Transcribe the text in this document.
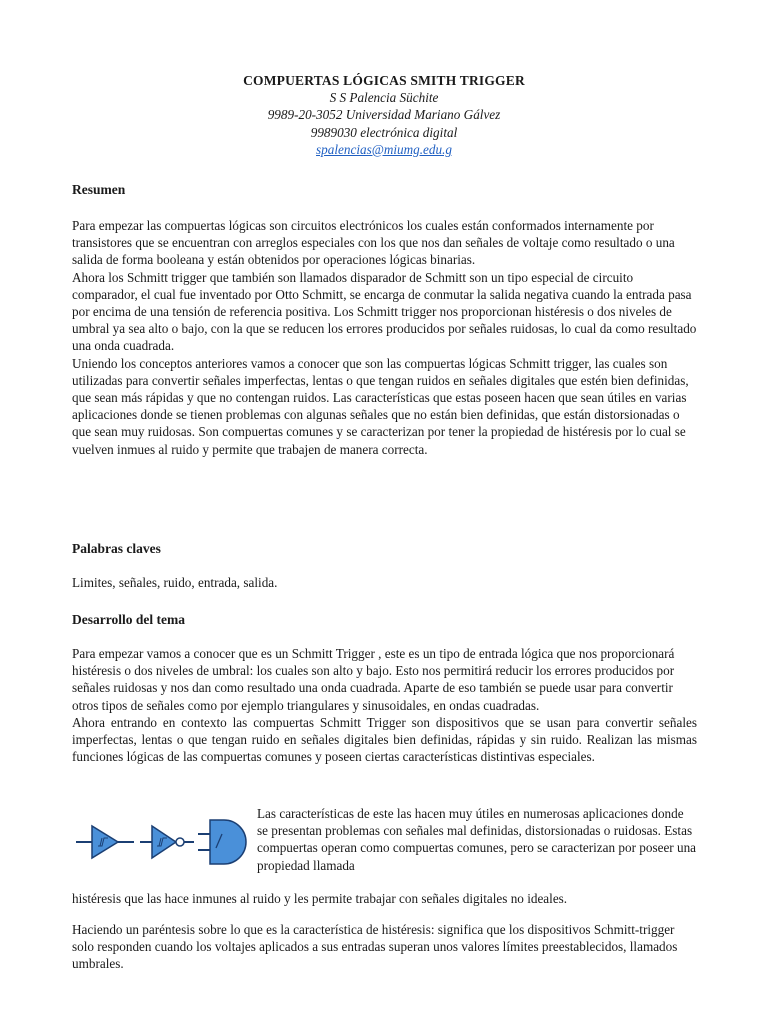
COMPUERTAS LÓGICAS SMITH TRIGGER
S S Palencia Süchite
9989-20-3052 Universidad Mariano Gálvez
9989030 electrónica digital
spalencias@miumg.edu.g
Resumen

Para empezar las compuertas lógicas son circuitos electrónicos los cuales están conformados internamente por transistores que se encuentran con arreglos especiales con los que nos dan señales de voltaje como resultado o una salida de forma booleana y están obtenidos por operaciones lógicas binarias.

Ahora los Schmitt trigger que también son llamados disparador de Schmitt son un tipo especial de circuito comparador, el cual fue inventado por Otto Schmitt, se encarga de conmutar la salida negativa cuando la entrada pasa por encima de una tensión de referencia positiva. Los Schmitt trigger nos proporcionan histéresis o dos niveles de umbral ya sea alto o bajo, con la que se reducen los errores producidos por señales ruidosas, lo cual da como resultado una onda cuadrada.

Uniendo los conceptos anteriores vamos a conocer que son las compuertas lógicas Schmitt trigger, las cuales son utilizadas para convertir señales imperfectas, lentas o que tengan ruidos en señales digitales que estén bien definidas, que sean más rápidas y que no contengan ruidos. Las características que estas poseen hacen que sean útiles en varias aplicaciones donde se tienen problemas con algunas señales que no están bien definidas, que están distorsionadas o que sean muy ruidosas. Son compuertas comunes y se caracterizan por tener la propiedad de histéresis por lo cual se vuelven inmues al ruido y permite que trabajen de manera correcta.

Palabras claves
Limites, señales, ruido, entrada, salida.
Desarrollo del tema

Para empezar vamos a conocer que es un Schmitt Trigger , este es un tipo de entrada lógica que nos proporcionará histéresis o dos niveles de umbral: los cuales son alto y bajo. Esto nos permitirá reducir los errores producidos por señales ruidosas y nos dan como resultado una onda cuadrada. Aparte de eso también se puede usar para convertir otros tipos de señales como por ejemplo triangulares y sinusoidales, en ondas cuadradas.

Ahora entrando en contexto las compuertas Schmitt Trigger son dispositivos que se usan para convertir señales imperfectas, lentas o que tengan ruido en señales digitales bien definidas, rápidas y sin ruido. Realizan las mismas funciones lógicas de las compuertas comunes y poseen ciertas características distintivas especiales.

Las características de este las hacen muy útiles en numerosas aplicaciones donde se presentan problemas con señales mal definidas, distorsionadas o ruidosas. Estas compuertas operan como compuertas comunes, pero se caracterizan por poseer una propiedad llamada

histéresis que las hace inmunes al ruido y les permite trabajar con señales digitales no ideales.

Haciendo un paréntesis sobre lo que es la característica de histéresis: significa que los dispositivos Schmitt-trigger solo responden cuando los voltajes aplicados a sus entradas superan unos valores límites preestablecidos, llamados umbrales.
